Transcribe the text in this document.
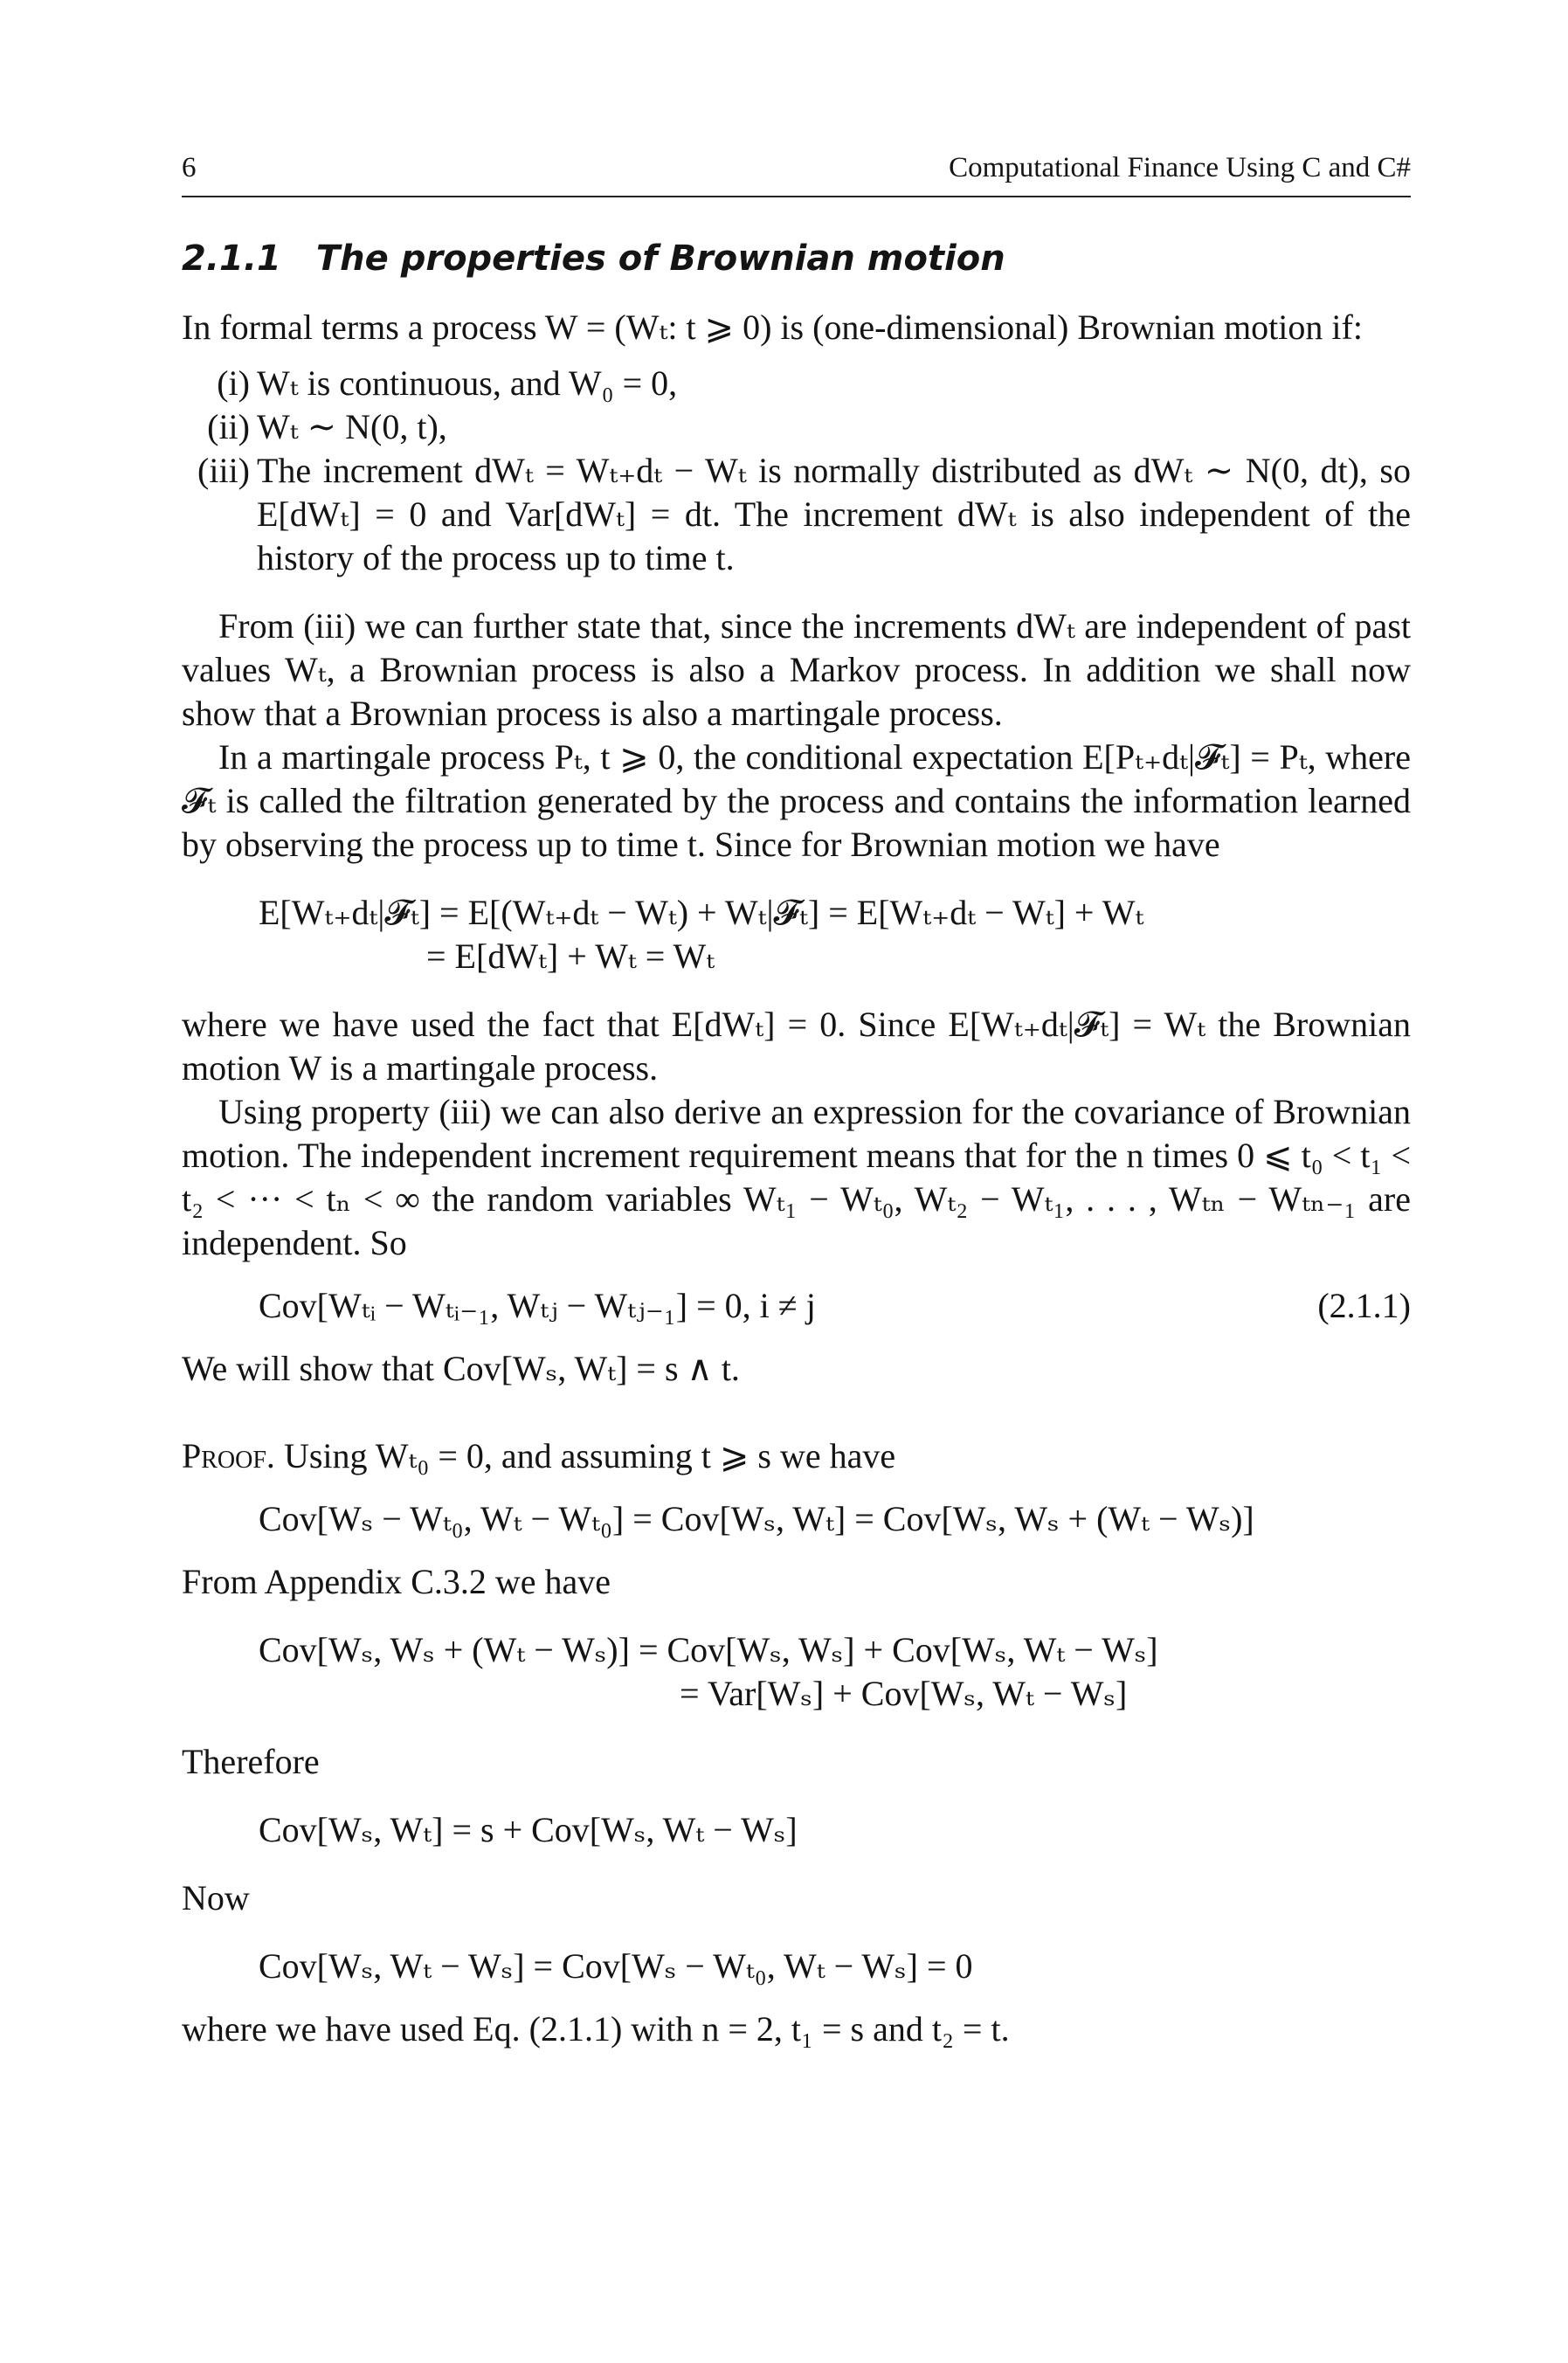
6	Computational Finance Using C and C#
2.1.1 The properties of Brownian motion

In formal terms a process W = (Wₜ: t ⩾ 0) is (one-dimensional) Brownian motion if:

(i) Wₜ is continuous, and W₀ = 0,
(ii) Wₜ ∼ N(0, t),
(iii) The increment dWₜ = Wₜ₊dₜ − Wₜ is normally distributed as dWₜ ∼ N(0, dt), so E[dWₜ] = 0 and Var[dWₜ] = dt. The increment dWₜ is also independent of the history of the process up to time t.

From (iii) we can further state that, since the increments dWₜ are independent of past values Wₜ, a Brownian process is also a Markov process. In addition we shall now show that a Brownian process is also a martingale process.

In a martingale process Pₜ, t ⩾ 0, the conditional expectation E[Pₜ₊dₜ|𝓕ₜ] = Pₜ, where 𝓕ₜ is called the filtration generated by the process and contains the information learned by observing the process up to time t. Since for Brownian motion we have

E[Wₜ₊dₜ|𝓕ₜ] = E[(Wₜ₊dₜ − Wₜ) + Wₜ|𝓕ₜ] = E[Wₜ₊dₜ − Wₜ] + Wₜ
= E[dWₜ] + Wₜ = Wₜ

where we have used the fact that E[dWₜ] = 0. Since E[Wₜ₊dₜ|𝓕ₜ] = Wₜ the Brownian motion W is a martingale process.

Using property (iii) we can also derive an expression for the covariance of Brownian motion. The independent increment requirement means that for the n times 0 ⩽ t₀ < t₁ < t₂ < ··· < tₙ < ∞ the random variables Wₜ₁ − Wₜ₀, Wₜ₂ − Wₜ₁, . . . , Wₜₙ − Wₜₙ₋₁ are independent. So

Cov[Wₜᵢ − Wₜᵢ₋₁, Wₜⱼ − Wₜⱼ₋₁] = 0, i ≠ j	(2.1.1)

We will show that Cov[Wₛ, Wₜ] = s ∧ t.

Proof. Using Wₜ₀ = 0, and assuming t ⩾ s we have

Cov[Wₛ − Wₜ₀, Wₜ − Wₜ₀] = Cov[Wₛ, Wₜ] = Cov[Wₛ, Wₛ + (Wₜ − Wₛ)]

From Appendix C.3.2 we have

Cov[Wₛ, Wₛ + (Wₜ − Wₛ)] = Cov[Wₛ, Wₛ] + Cov[Wₛ, Wₜ − Wₛ]
= Var[Wₛ] + Cov[Wₛ, Wₜ − Wₛ]

Therefore

Cov[Wₛ, Wₜ] = s + Cov[Wₛ, Wₜ − Wₛ]

Now

Cov[Wₛ, Wₜ − Wₛ] = Cov[Wₛ − Wₜ₀, Wₜ − Wₛ] = 0

where we have used Eq. (2.1.1) with n = 2, t₁ = s and t₂ = t.
